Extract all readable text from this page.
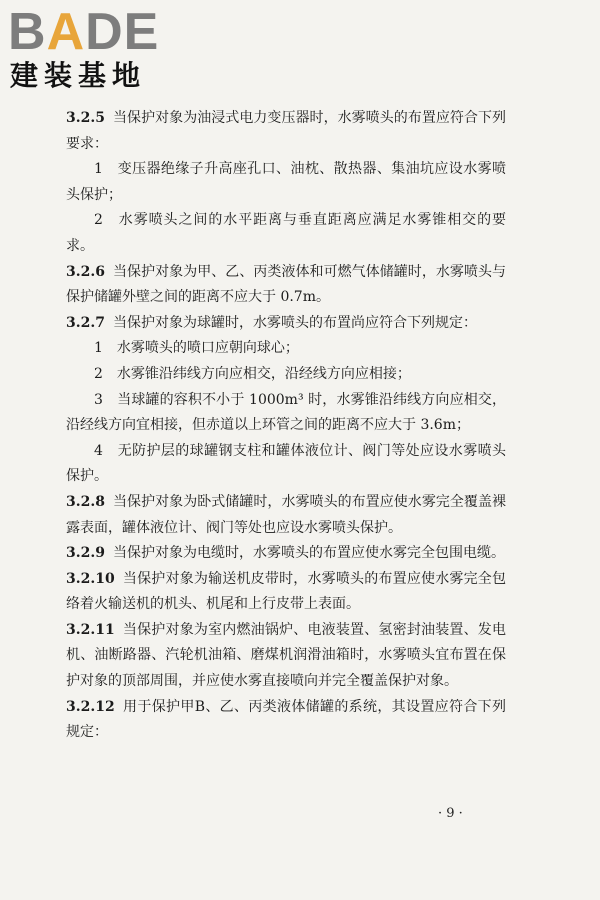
BADE
建装基地

3.2.5 当保护对象为油浸式电力变压器时，水雾喷头的布置应符合下列要求：

1　变压器绝缘子升高座孔口、油枕、散热器、集油坑应设水雾喷头保护；

2　水雾喷头之间的水平距离与垂直距离应满足水雾锥相交的要求。

3.2.6 当保护对象为甲、乙、丙类液体和可燃气体储罐时，水雾喷头与保护储罐外壁之间的距离不应大于 0.7m。

3.2.7 当保护对象为球罐时，水雾喷头的布置尚应符合下列规定：

1　水雾喷头的喷口应朝向球心；

2　水雾锥沿纬线方向应相交，沿经线方向应相接；

3　当球罐的容积不小于 1000m³ 时，水雾锥沿纬线方向应相交，沿经线方向宜相接，但赤道以上环管之间的距离不应大于 3.6m；

4　无防护层的球罐钢支柱和罐体液位计、阀门等处应设水雾喷头保护。

3.2.8 当保护对象为卧式储罐时，水雾喷头的布置应使水雾完全覆盖裸露表面，罐体液位计、阀门等处也应设水雾喷头保护。

3.2.9 当保护对象为电缆时，水雾喷头的布置应使水雾完全包围电缆。

3.2.10 当保护对象为输送机皮带时，水雾喷头的布置应使水雾完全包络着火输送机的机头、机尾和上行皮带上表面。

3.2.11 当保护对象为室内燃油锅炉、电液装置、氢密封油装置、发电机、油断路器、汽轮机油箱、磨煤机润滑油箱时，水雾喷头宜布置在保护对象的顶部周围，并应使水雾直接喷向并完全覆盖保护对象。

3.2.12 用于保护甲B、乙、丙类液体储罐的系统，其设置应符合下列规定：

· 9 ·
